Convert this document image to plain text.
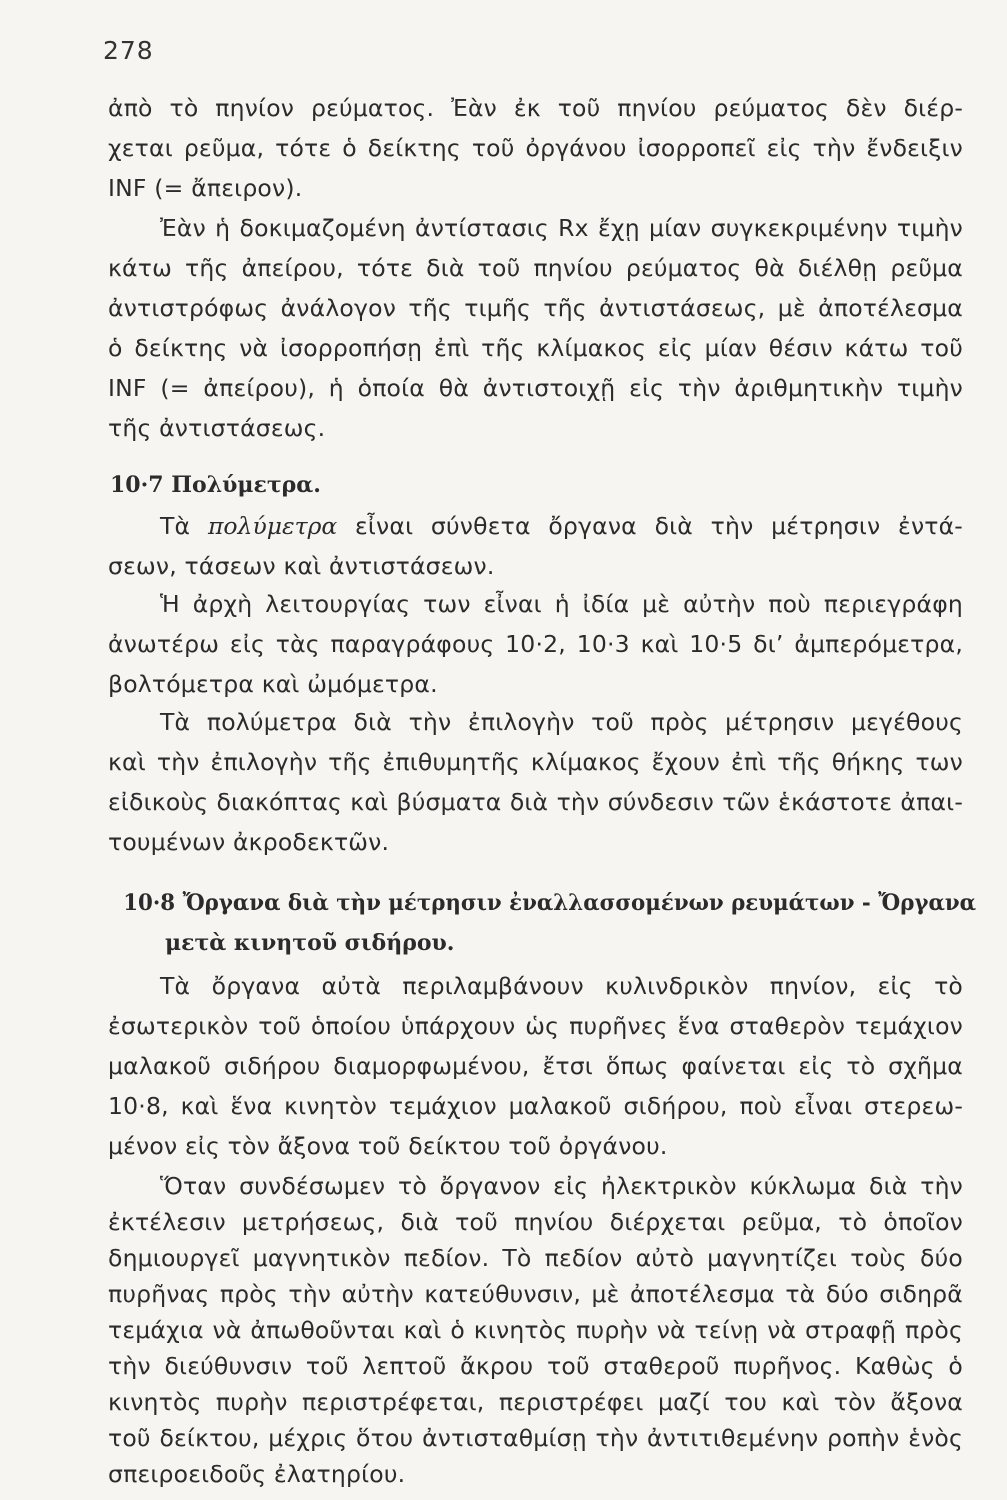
278
ἀπὸ τὸ πηνίον ρεύματος. Ἐὰν ἐκ τοῦ πηνίου ρεύματος δὲν διέρ-
χεται ρεῦμα, τότε ὁ δείκτης τοῦ ὀργάνου ἰσορροπεῖ εἰς τὴν ἔνδειξιν
INF (= ἄπειρον).
Ἐὰν ἡ δοκιμαζομένη ἀντίστασις Rx ἔχῃ μίαν συγκεκριμένην τιμὴν
κάτω τῆς ἀπείρου, τότε διὰ τοῦ πηνίου ρεύματος θὰ διέλθῃ ρεῦμα
ἀντιστρόφως ἀνάλογον τῆς τιμῆς τῆς ἀντιστάσεως, μὲ ἀποτέλεσμα
ὁ δείκτης νὰ ἰσορροπήσῃ ἐπὶ τῆς κλίμακος εἰς μίαν θέσιν κάτω τοῦ
INF (= ἀπείρου), ἡ ὁποία θὰ ἀντιστοιχῇ εἰς τὴν ἀριθμητικὴν τιμὴν
τῆς ἀντιστάσεως.
10·7 Πολύμετρα.
Τὰ πολύμετρα εἶναι σύνθετα ὄργανα διὰ τὴν μέτρησιν ἐντά-
σεων, τάσεων καὶ ἀντιστάσεων.
Ἡ ἀρχὴ λειτουργίας των εἶναι ἡ ἰδία μὲ αὐτὴν ποὺ περιεγράφη
ἀνωτέρω εἰς τὰς παραγράφους 10·2, 10·3 καὶ 10·5 δι’ ἀμπερόμετρα,
βολτόμετρα καὶ ὠμόμετρα.
Τὰ πολύμετρα διὰ τὴν ἐπιλογὴν τοῦ πρὸς μέτρησιν μεγέθους
καὶ τὴν ἐπιλογὴν τῆς ἐπιθυμητῆς κλίμακος ἔχουν ἐπὶ τῆς θήκης των
εἰδικοὺς διακόπτας καὶ βύσματα διὰ τὴν σύνδεσιν τῶν ἑκάστοτε ἀπαι-
τουμένων ἀκροδεκτῶν.
10·8 Ὄργανα διὰ τὴν μέτρησιν ἐναλλασσομένων ρευμάτων - Ὄργανα
μετὰ κινητοῦ σιδήρου.
Τὰ ὄργανα αὐτὰ περιλαμβάνουν κυλινδρικὸν πηνίον, εἰς τὸ
ἐσωτερικὸν τοῦ ὁποίου ὑπάρχουν ὡς πυρῆνες ἕνα σταθερὸν τεμάχιον
μαλακοῦ σιδήρου διαμορφωμένου, ἔτσι ὅπως φαίνεται εἰς τὸ σχῆμα
10·8, καὶ ἕνα κινητὸν τεμάχιον μαλακοῦ σιδήρου, ποὺ εἶναι στερεω-
μένον εἰς τὸν ἄξονα τοῦ δείκτου τοῦ ὀργάνου.
Ὅταν συνδέσωμεν τὸ ὄργανον εἰς ἠλεκτρικὸν κύκλωμα διὰ τὴν
ἐκτέλεσιν μετρήσεως, διὰ τοῦ πηνίου διέρχεται ρεῦμα, τὸ ὁποῖον
δημιουργεῖ μαγνητικὸν πεδίον. Τὸ πεδίον αὐτὸ μαγνητίζει τοὺς δύο
πυρῆνας πρὸς τὴν αὐτὴν κατεύθυνσιν, μὲ ἀποτέλεσμα τὰ δύο σιδηρᾶ
τεμάχια νὰ ἀπωθοῦνται καὶ ὁ κινητὸς πυρὴν νὰ τείνῃ νὰ στραφῇ πρὸς
τὴν διεύθυνσιν τοῦ λεπτοῦ ἄκρου τοῦ σταθεροῦ πυρῆνος. Καθὼς ὁ
κινητὸς πυρὴν περιστρέφεται, περιστρέφει μαζί του καὶ τὸν ἄξονα
τοῦ δείκτου, μέχρις ὅτου ἀντισταθμίσῃ τὴν ἀντιτιθεμένην ροπὴν ἑνὸς
σπειροειδοῦς ἐλατηρίου.
